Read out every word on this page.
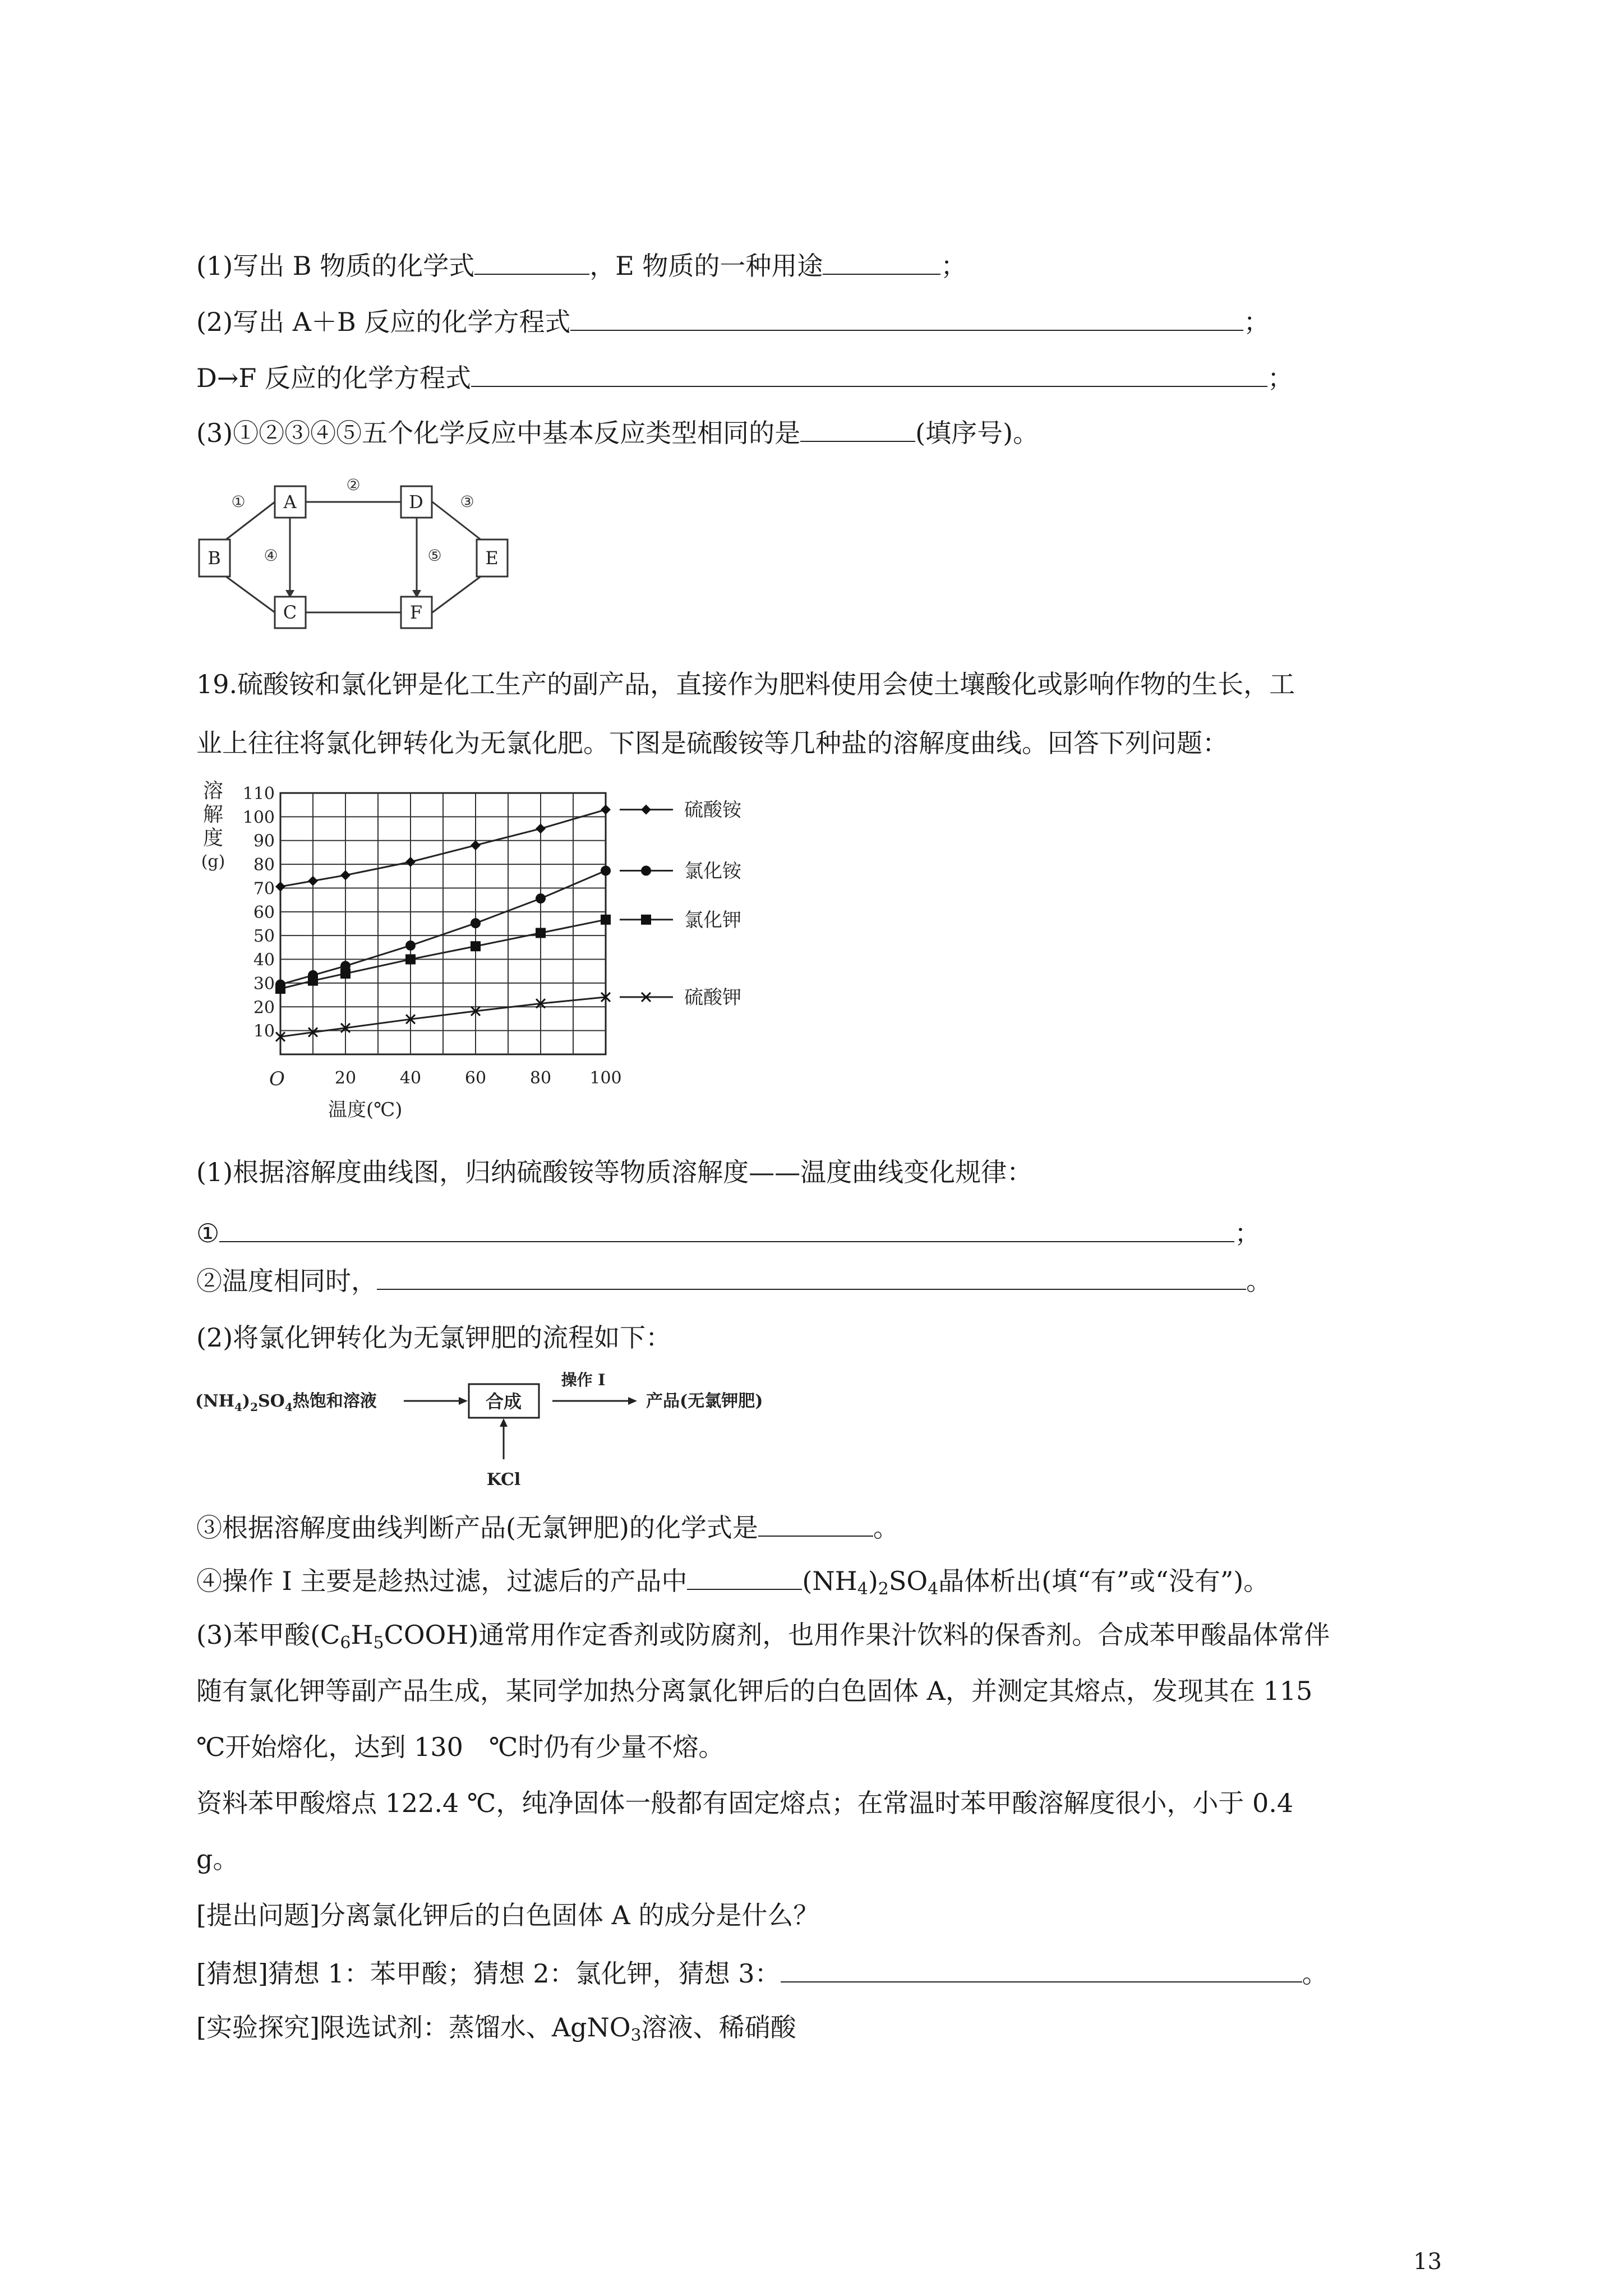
(1)写出 B 物质的化学式	，E 物质的一种用途	；
(2)写出 A＋B 反应的化学方程式	；
D→F 反应的化学方程式	；
(3)①②③④⑤五个化学反应中基本反应类型相同的是	(填序号)。
A
B
C
D
E
F
①
②
③
④	⑤
19.硫酸铵和氯化钾是化工生产的副产品，直接作为肥料使用会使土壤酸化或影响作物的生长，工
业上往往将氯化钾转化为无氯化肥。下图是硫酸铵等几种盐的溶解度曲线。回答下列问题：
溶
解
度
(g)
10
20
30
40
50
60
70
80
90
100
110
20	40	60	80 100
硫酸铵
氯化铵
氯化钾
硫酸钾
O
温度(℃)
(1)根据溶解度曲线图，归纳硫酸铵等物质溶解度——温度曲线变化规律：
①	；
②温度相同时，	。
(2)将氯化钾转化为无氯钾肥的流程如下：
$(NH_4)_2SO_4$热饱和溶液	合成
操作 I
产品(无氯钾肥)
KCl
③根据溶解度曲线判断产品(无氯钾肥)的化学式是	。
④操作 I 主要是趁热过滤，过滤后的产品中	$(NH_4)_2SO_4$晶体析出(填“有”或“没有”)。
(3)苯甲酸$(C_6H_5COOH)$通常用作定香剂或防腐剂，也用作果汁饮料的保香剂。合成苯甲酸晶体常伴
随有氯化钾等副产品生成，某同学加热分离氯化钾后的白色固体 A，并测定其熔点，发现其在 115
℃开始熔化，达到 130　℃时仍有少量不熔。
资料苯甲酸熔点 122.4 ℃，纯净固体一般都有固定熔点；在常温时苯甲酸溶解度很小，小于 0.4
g。
[提出问题]分离氯化钾后的白色固体 A 的成分是什么？
[猜想]猜想 1：苯甲酸；猜想 2：氯化钾，猜想 3：	。
[实验探究]限选试剂：蒸馏水、AgNO$_3$溶液、稀硝酸
13
